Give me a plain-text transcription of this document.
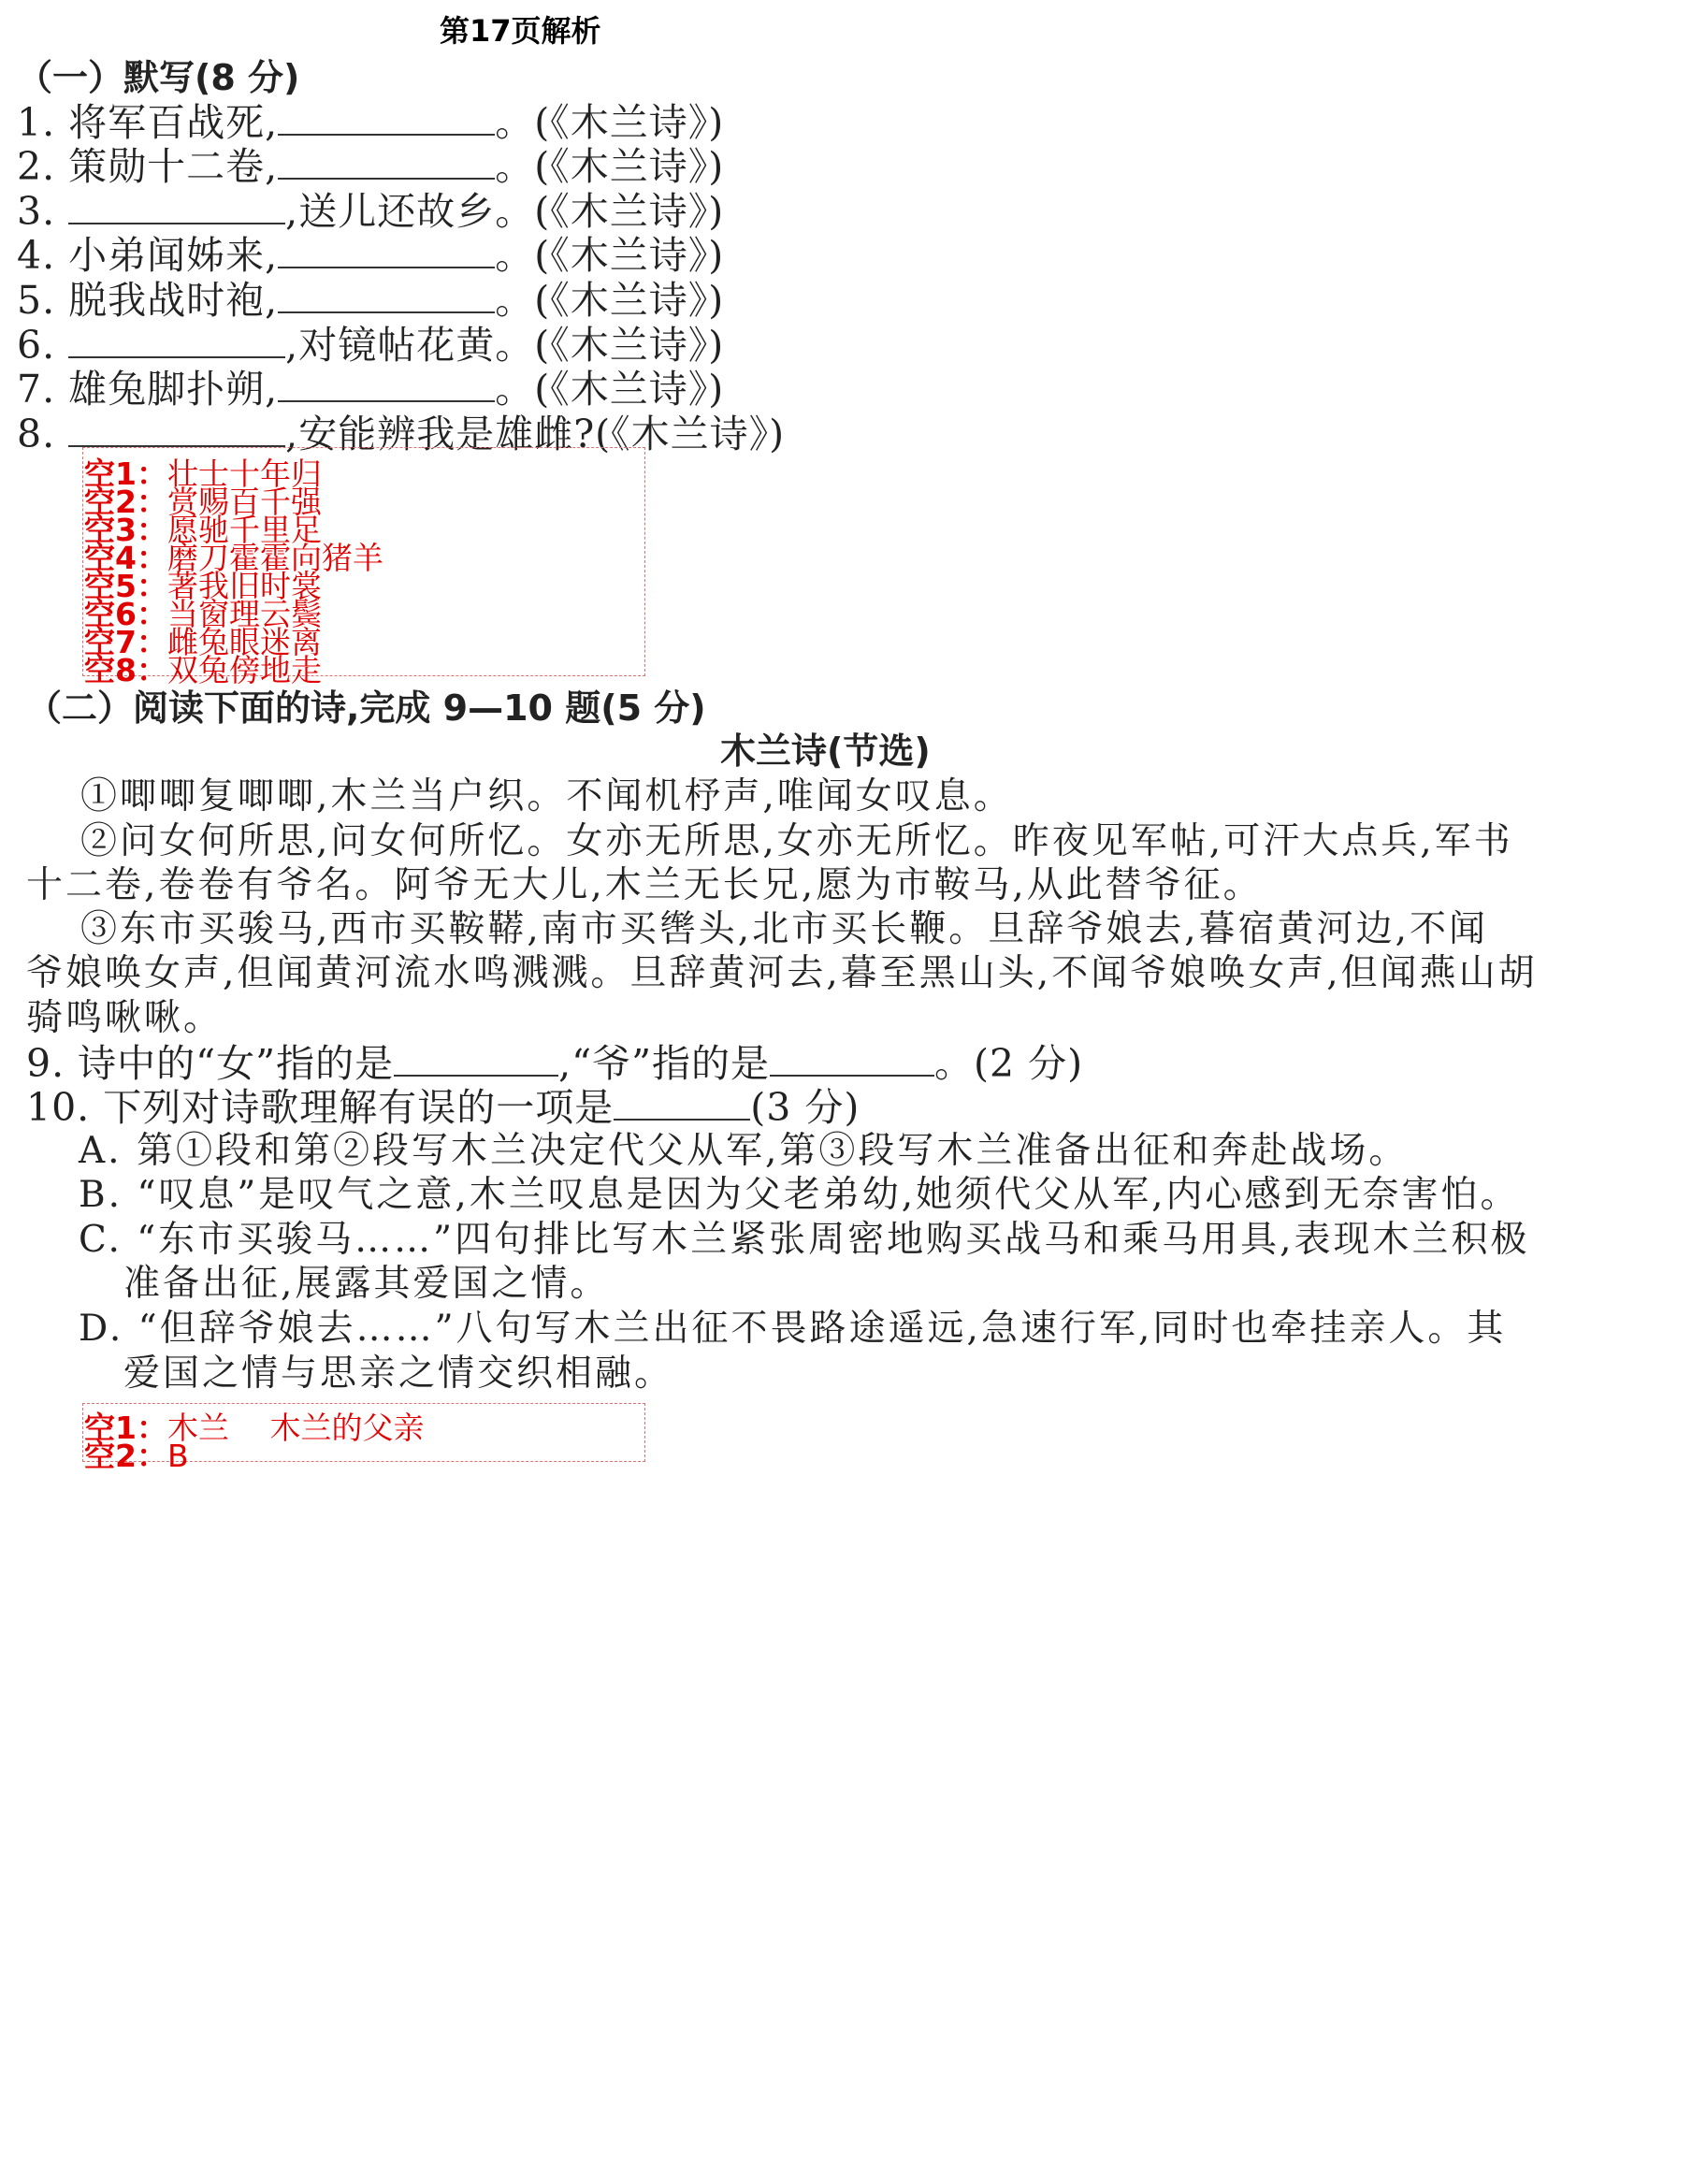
第17页解析
（一）默写(8 分)
1. 将军百战死,	。(《木兰诗》)
2. 策勋十二卷,	。(《木兰诗》)
3.	,送儿还故乡。(《木兰诗》)
4. 小弟闻姊来,	。(《木兰诗》)
5. 脱我战时袍,	。(《木兰诗》)
6.	,对镜帖花黄。(《木兰诗》)
7. 雄兔脚扑朔,	。(《木兰诗》)
8.	,安能辨我是雄雌?(《木兰诗》)
空1：壮士十年归
空2：赏赐百千强
空3：愿驰千里足
空4：磨刀霍霍向猪羊
空5：著我旧时裳
空6：当窗理云鬓
空7：雌兔眼迷离
空8：双兔傍地走
（二）阅读下面的诗,完成 9—10 题(5 分)
木兰诗(节选)
①唧唧复唧唧,木兰当户织。不闻机杼声,唯闻女叹息。
②问女何所思,问女何所忆。女亦无所思,女亦无所忆。昨夜见军帖,可汗大点兵,军书
十二卷,卷卷有爷名。阿爷无大儿,木兰无长兄,愿为市鞍马,从此替爷征。
③东市买骏马,西市买鞍鞯,南市买辔头,北市买长鞭。旦辞爷娘去,暮宿黄河边,不闻
爷娘唤女声,但闻黄河流水鸣溅溅。旦辞黄河去,暮至黑山头,不闻爷娘唤女声,但闻燕山胡
骑鸣啾啾。
9. 诗中的“女”指的是	,“爷”指的是	。(2 分)
10. 下列对诗歌理解有误的一项是	(3 分)
A. 第①段和第②段写木兰决定代父从军,第③段写木兰准备出征和奔赴战场。
B. “叹息”是叹气之意,木兰叹息是因为父老弟幼,她须代父从军,内心感到无奈害怕。
C. “东市买骏马……”四句排比写木兰紧张周密地购买战马和乘马用具,表现木兰积极
准备出征,展露其爱国之情。
D. “但辞爷娘去……”八句写木兰出征不畏路途遥远,急速行军,同时也牵挂亲人。其
爱国之情与思亲之情交织相融。
空1：木兰　 木兰的父亲
空2：B
